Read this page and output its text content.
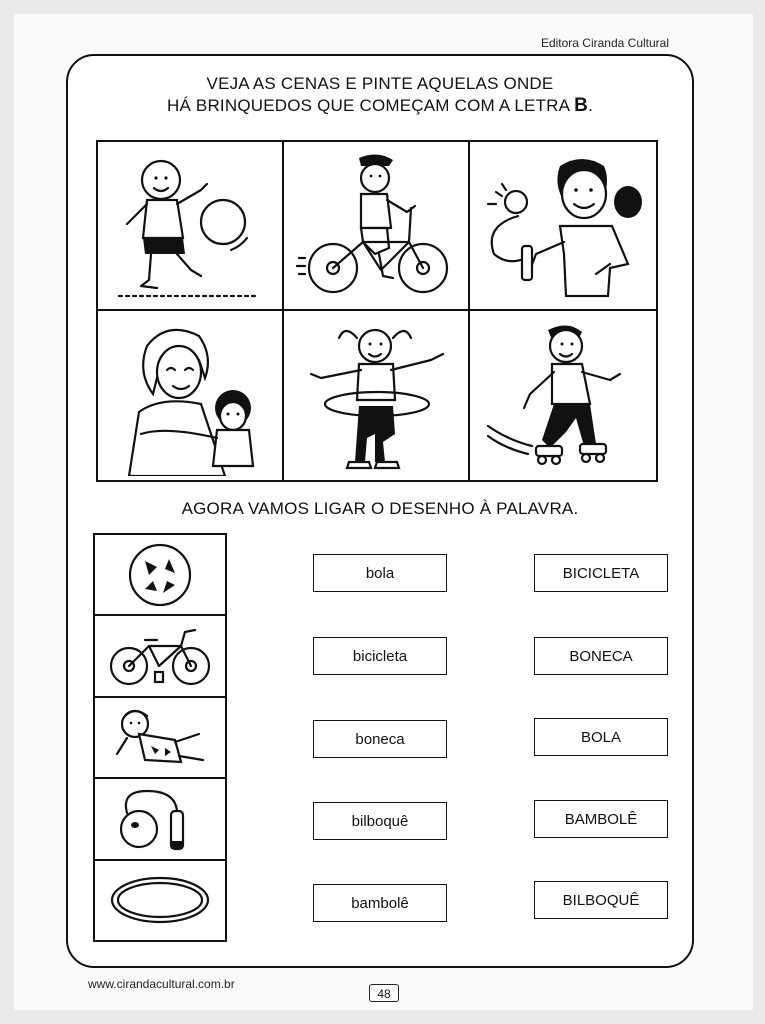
Editora Ciranda Cultural
VEJA AS CENAS E PINTE AQUELAS ONDE
HÁ BRINQUEDOS QUE COMEÇAM COM A LETRA B.
AGORA VAMOS LIGAR O DESENHO À PALAVRA.
bola
bicicleta
boneca
bilboquê
bambolê
BICICLETA
BONECA
BOLA
BAMBOLÊ
BILBOQUÊ
www.cirandacultural.com.br
48
